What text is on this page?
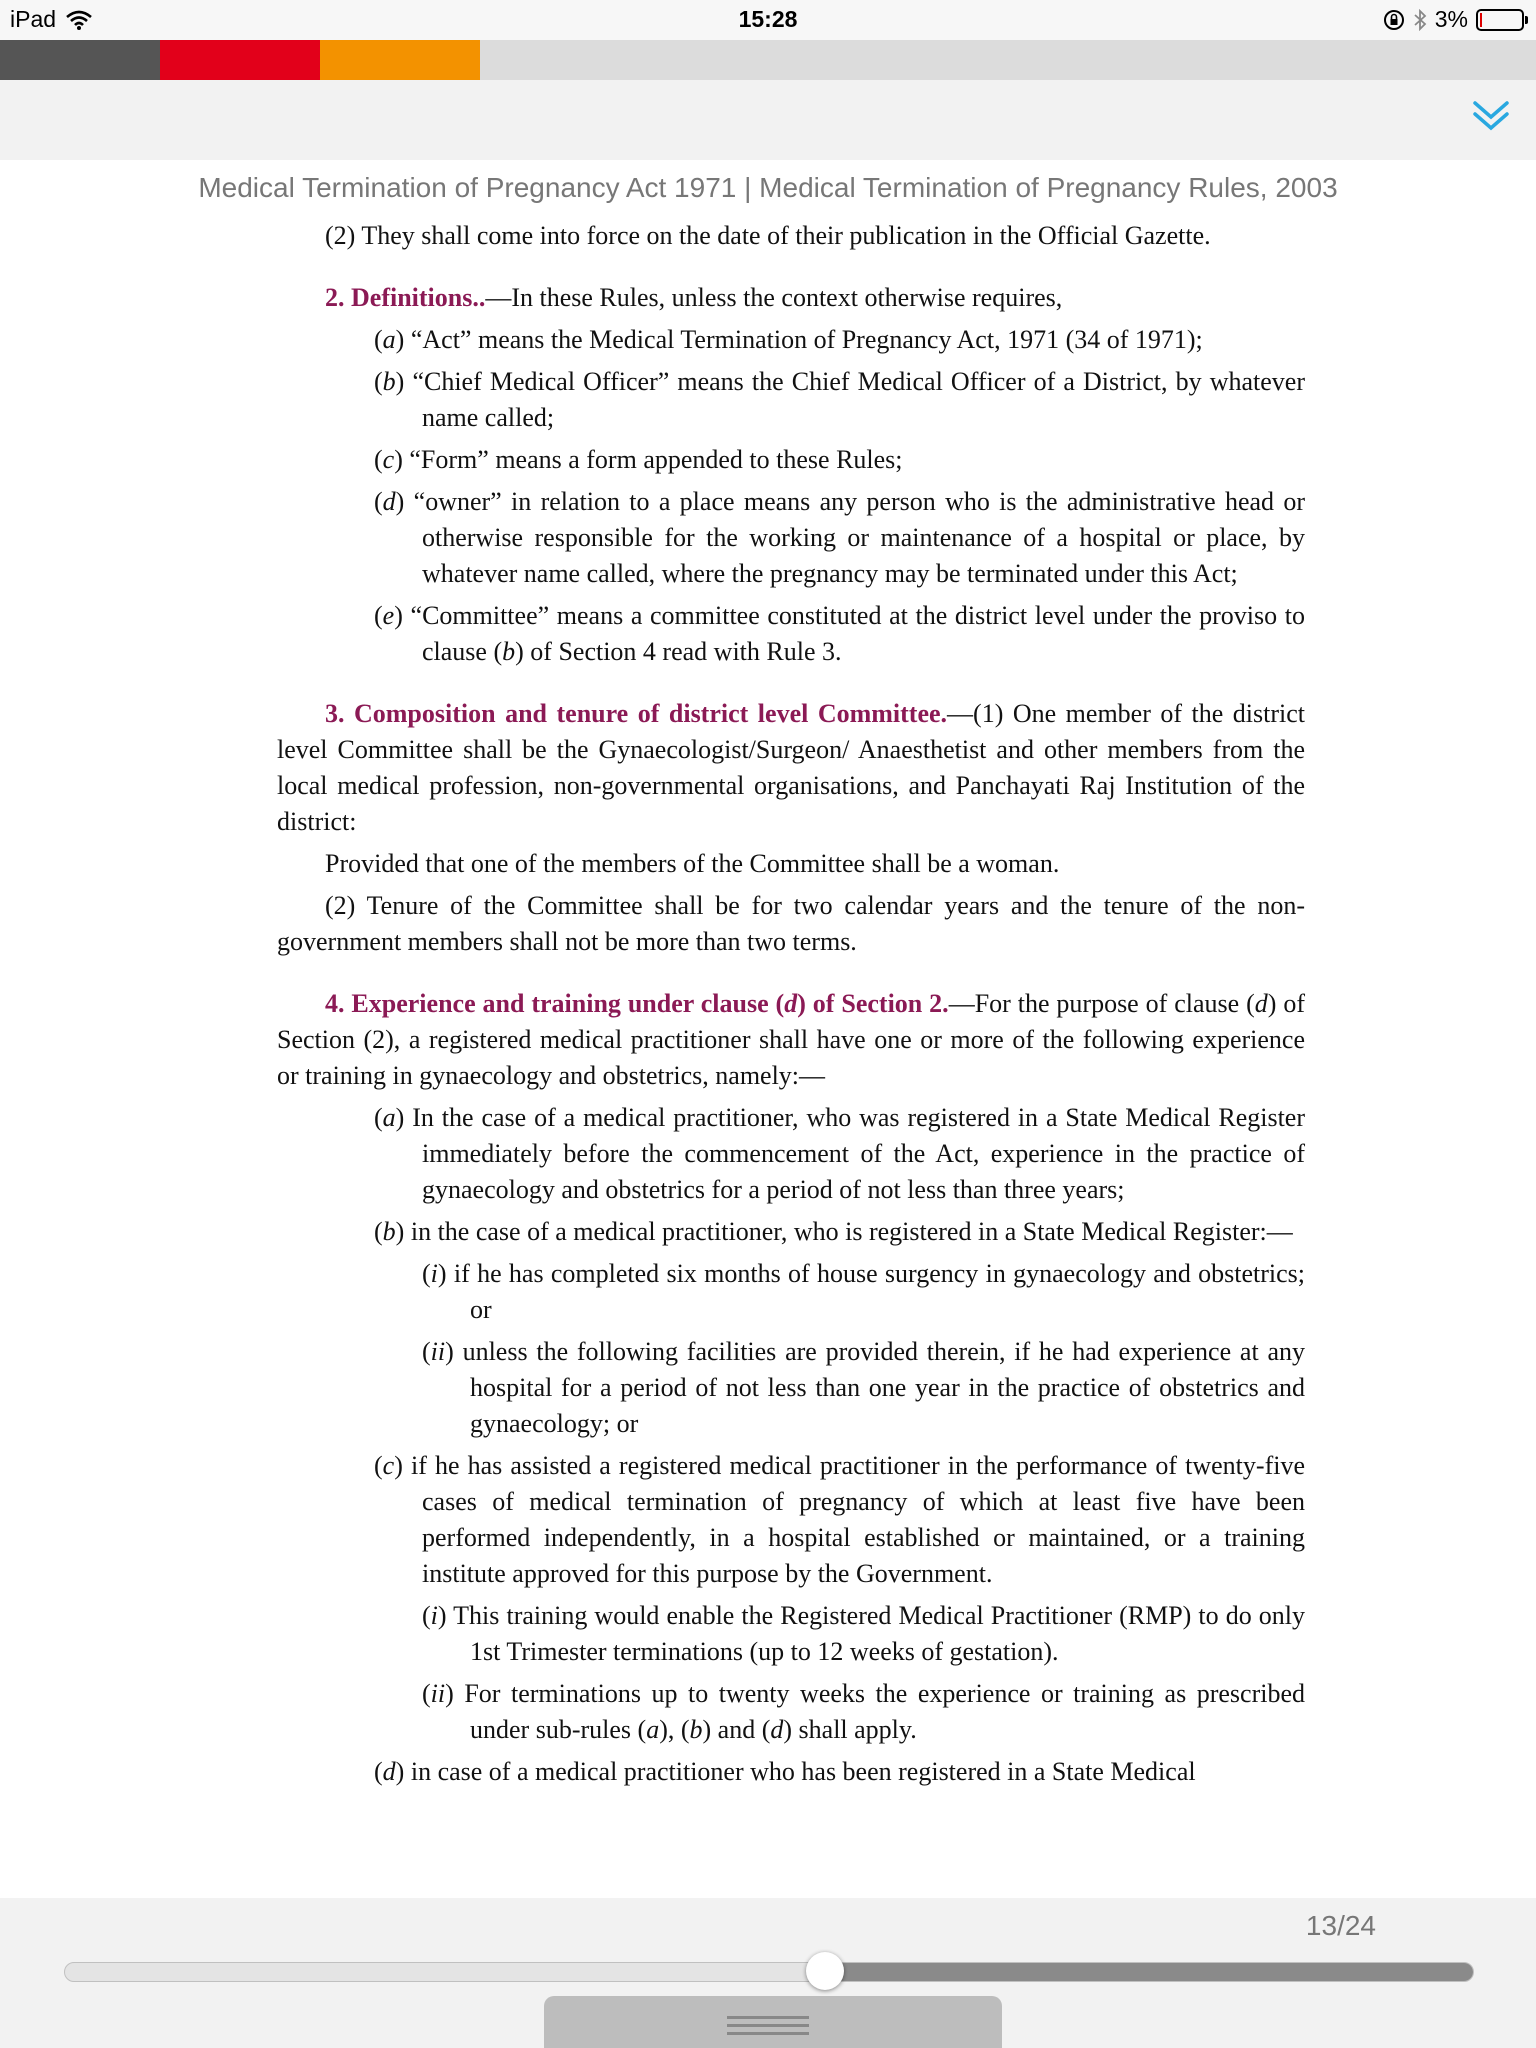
iPad	15:28	3%
Medical Termination of Pregnancy Act 1971 | Medical Termination of Pregnancy Rules, 2003

(2) They shall come into force on the date of their publication in the Official Gazette.

2. Definitions..—In these Rules, unless the context otherwise requires,

(a) “Act” means the Medical Termination of Pregnancy Act, 1971 (34 of 1971);

(b) “Chief Medical Officer” means the Chief Medical Officer of a District, by whatever name called;

(c) “Form” means a form appended to these Rules;

(d) “owner” in relation to a place means any person who is the administrative head or otherwise responsible for the working or maintenance of a hospital or place, by whatever name called, where the pregnancy may be terminated under this Act;

(e) “Committee” means a committee constituted at the district level under the proviso to clause (b) of Section 4 read with Rule 3.

3. Composition and tenure of district level Committee.—(1) One member of the district level Committee shall be the Gynaecologist/Surgeon/ Anaesthetist and other members from the local medical profession, non-governmental organisations, and Panchayati Raj Institution of the district:

Provided that one of the members of the Committee shall be a woman.

(2) Tenure of the Committee shall be for two calendar years and the tenure of the non-government members shall not be more than two terms.

4. Experience and training under clause (d) of Section 2.—For the purpose of clause (d) of Section (2), a registered medical practitioner shall have one or more of the following experience or training in gynaecology and obstetrics, namely:—

(a) In the case of a medical practitioner, who was registered in a State Medical Register immediately before the commencement of the Act, experience in the practice of gynaecology and obstetrics for a period of not less than three years;

(b) in the case of a medical practitioner, who is registered in a State Medical Register:—

(i) if he has completed six months of house surgency in gynaecology and obstetrics; or

(ii) unless the following facilities are provided therein, if he had experience at any hospital for a period of not less than one year in the practice of obstetrics and gynaecology; or

(c) if he has assisted a registered medical practitioner in the performance of twenty-five cases of medical termination of pregnancy of which at least five have been performed independently, in a hospital established or maintained, or a training institute approved for this purpose by the Government.

(i) This training would enable the Registered Medical Practitioner (RMP) to do only 1st Trimester terminations (up to 12 weeks of gestation).

(ii) For terminations up to twenty weeks the experience or training as prescribed under sub-rules (a), (b) and (d) shall apply.

(d) in case of a medical practitioner who has been registered in a State Medical

13/24
